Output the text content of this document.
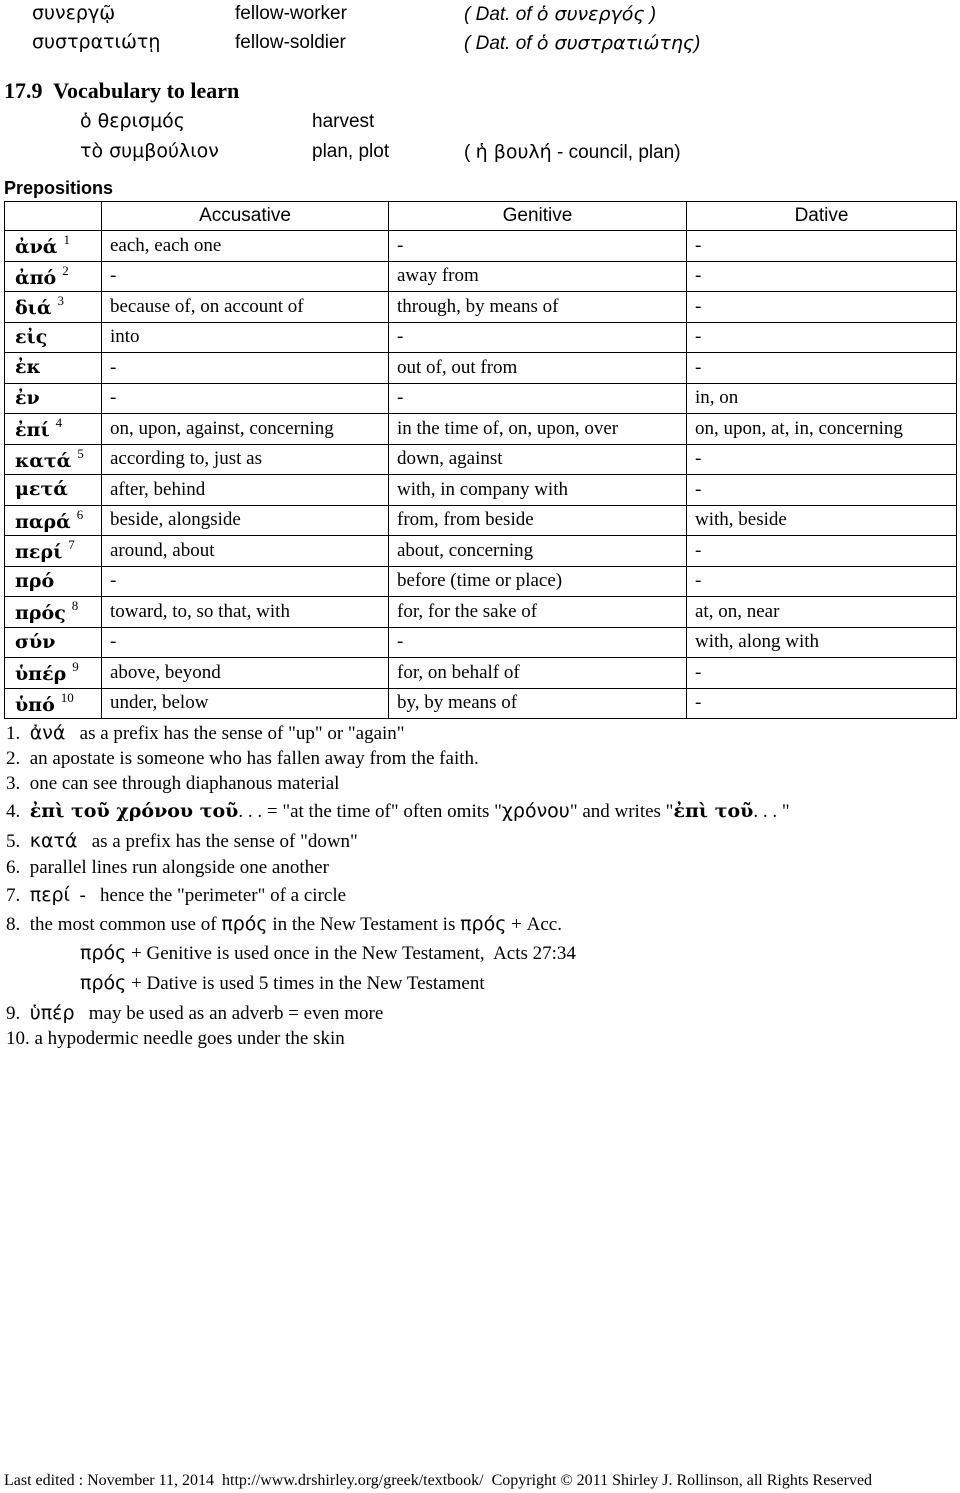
συνεργῷ	fellow-worker	( Dat. of ὁ συνεργός )
συστρατιώτῃ	fellow-soldier	( Dat. of ὁ συστρατιώτης)
17.9  Vocabulary to learn
ὁ θερισμός	harvest
τὸ συμβούλιον	plan, plot	( ἡ βουλή - council, plan)
Prepositions
	Accusative	Genitive	Dative
ἀνά $^1$	each, each one	-	-
ἀπό $^2$	-	away from	-
διά $^3$	because of, on account of	through, by means of	-
εἰς	into	-	-
ἐκ	-	out of, out from	-
ἐν	-	-	in, on
ἐπί $^4$	on, upon, against, concerning	in the time of, on, upon, over	on, upon, at, in, concerning
κατά $^5$	according to, just as	down, against	-
μετά	after, behind	with, in company with	-
παρά $^6$	beside, alongside	from, from beside	with, beside
περί $^7$	around, about	about, concerning	-
πρό	-	before (time or place)	-
πρός $^8$	toward, to, so that, with	for, for the sake of	at, on, near
σύν	-	-	with, along with
ὑπέρ $^9$	above, beyond	for, on behalf of	-
ὑπό $^{10}$	under, below	by, by means of	-
1. ἀνά as a prefix has the sense of "up" or "again"
2.  an apostate is someone who has fallen away from the faith.
3.  one can see through diaphanous material
4. ἐπὶ τοῦ χρόνου τοῦ. . . = "at the time of" often omits "χρόνου" and writes "ἐπὶ τοῦ. . . "
5. κατά as a prefix has the sense of "down"
6.  parallel lines run alongside one another
7. περί -   hence the "perimeter" of a circle
8. the most common use of πρός in the New Testament is πρός + Acc.
πρός + Genitive is used once in the New Testament,  Acts 27:34
πρός + Dative is used 5 times in the New Testament
9. ὑπέρ may be used as an adverb = even more
10. a hypodermic needle goes under the skin
Last edited : November 11, 2014  http://www.drshirley.org/greek/textbook/  Copyright © 2011 Shirley J. Rollinson, all Rights Reserved
